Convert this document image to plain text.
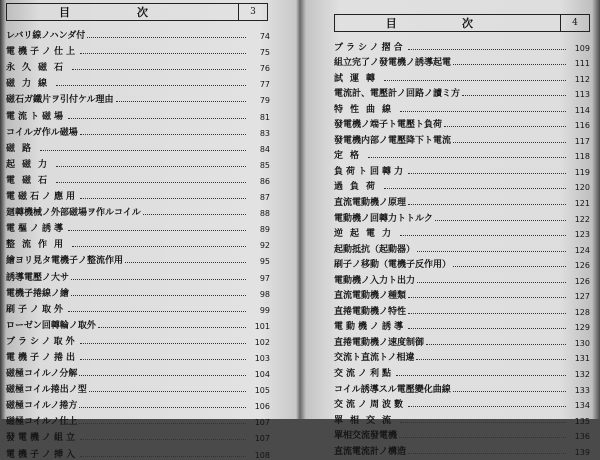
目	次	3
レバリ線ノハンダ付	74
電機子ノ仕上	75
永久磁石	76
磁力線	77
磁石ガ鐵片ヲ引付ケル理由	79
電流ト磁場	81
コイルガ作ル磁場	83
磁路	84
起磁力	85
電磁石	86
電磁石ノ應用	87
廻轉機械ノ外部磁場ヲ作ルコイル	88
電樞ノ誘導	89
整流作用	92
繪ヨリ見タ電機子ノ整流作用	95
誘導電壓ノ大サ	97
電機子捲線ノ繪	98
刷子ノ取外	99
ローゼン回轉輪ノ取外	101
ブラシノ取外	102
電機子ノ捲出	103
磁極コイルノ分解	104
磁極コイル捲出ノ型	105
磁極コイルノ捲方	106
磁極コイルノ仕上	107
發電機ノ組立	107
電機子ノ挿入	108
目	次	4
ブラシノ摺合	109
組立完了ノ發電機ノ誘導起電	111
試運轉	112
電流計、電壓計ノ回路ノ讀ミ方	113
特性曲線	114
發電機ノ端子ト電壓ト負荷	116
發電機内部ノ電壓降下ト電流	117
定格	118
負荷ト回轉力	119
過負荷	120
直流電動機ノ原理	121
電動機ノ回轉力トトルク	122
逆起電力	123
起動抵抗（起動器）	124
刷子ノ移動（電機子反作用）	126
電動機ノ入力ト出力	126
直流電動機ノ種類	127
直捲電動機ノ特性	128
電動機ノ誘導	129
直捲電動機ノ速度制御	130
交流ト直流トノ相違	131
交流ノ利點	132
コイル誘導スル電壓變化曲線	133
交流ノ周波數	134
單相交流	135
單相交流發電機	136
直流電流計ノ構造	139
